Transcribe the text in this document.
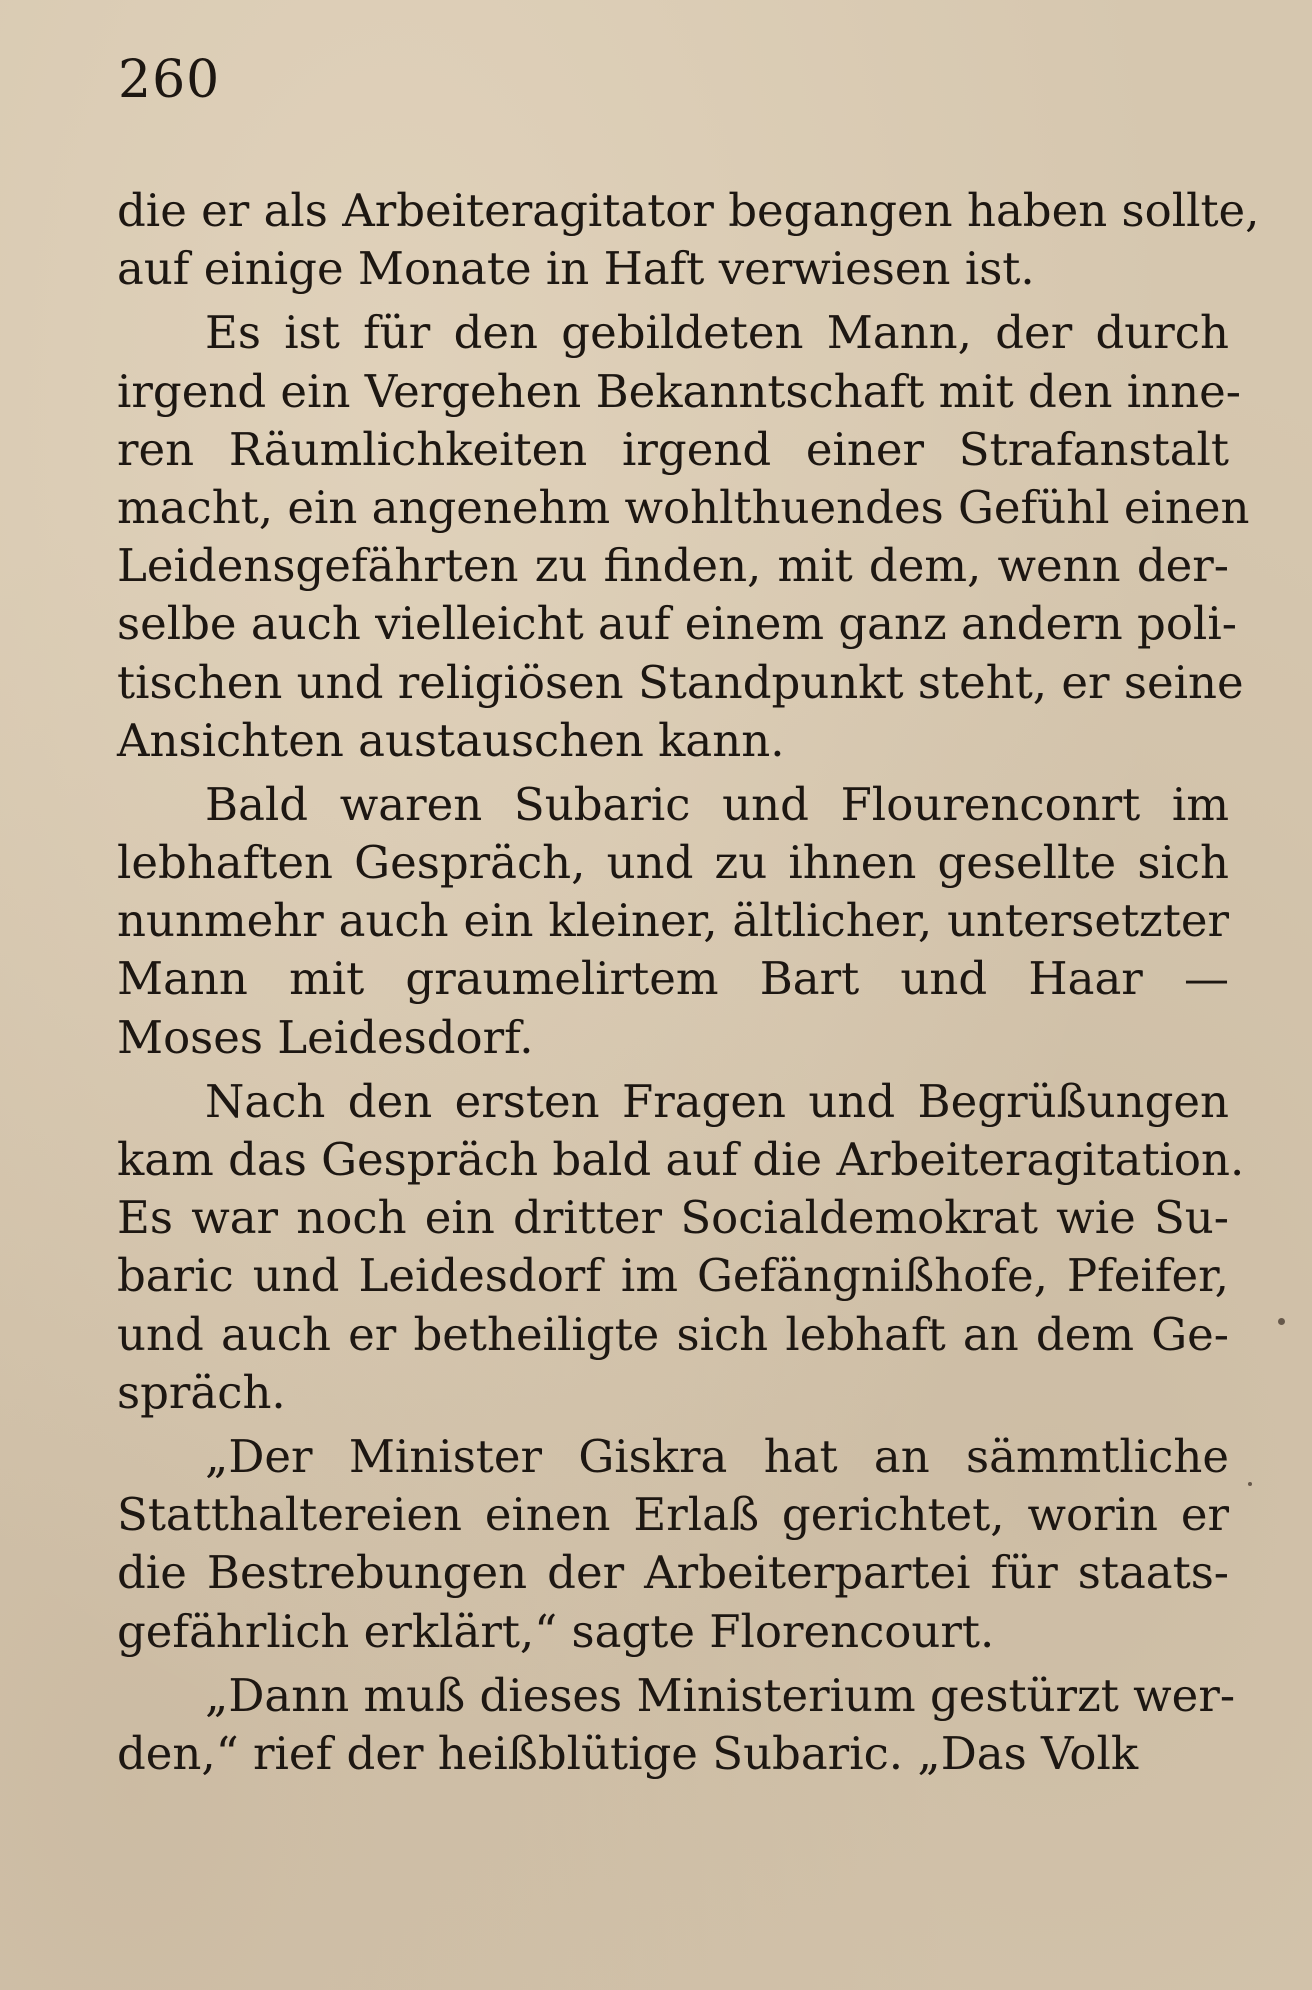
260
die er als Arbeiteragitator begangen haben sollte,
auf einige Monate in Haft verwiesen ist.
Es ist für den gebildeten Mann, der durch
irgend ein Vergehen Bekanntschaft mit den inne-
ren Räumlichkeiten irgend einer Strafanstalt
macht, ein angenehm wohlthuendes Gefühl einen
Leidensgefährten zu finden, mit dem, wenn der-
selbe auch vielleicht auf einem ganz andern poli-
tischen und religiösen Standpunkt steht, er seine
Ansichten austauschen kann.
Bald waren Subaric und Flourenconrt im
lebhaften Gespräch, und zu ihnen gesellte sich
nunmehr auch ein kleiner, ältlicher, untersetzter
Mann mit graumelirtem Bart und Haar —
Moses Leidesdorf.
Nach den ersten Fragen und Begrüßungen
kam das Gespräch bald auf die Arbeiteragitation.
Es war noch ein dritter Socialdemokrat wie Su-
baric und Leidesdorf im Gefängnißhofe, Pfeifer,
und auch er betheiligte sich lebhaft an dem Ge-
spräch.
„Der Minister Giskra hat an sämmtliche
Statthaltereien einen Erlaß gerichtet, worin er
die Bestrebungen der Arbeiterpartei für staats-
gefährlich erklärt,“ sagte Florencourt.
„Dann muß dieses Ministerium gestürzt wer-
den,“ rief der heißblütige Subaric. „Das Volk
